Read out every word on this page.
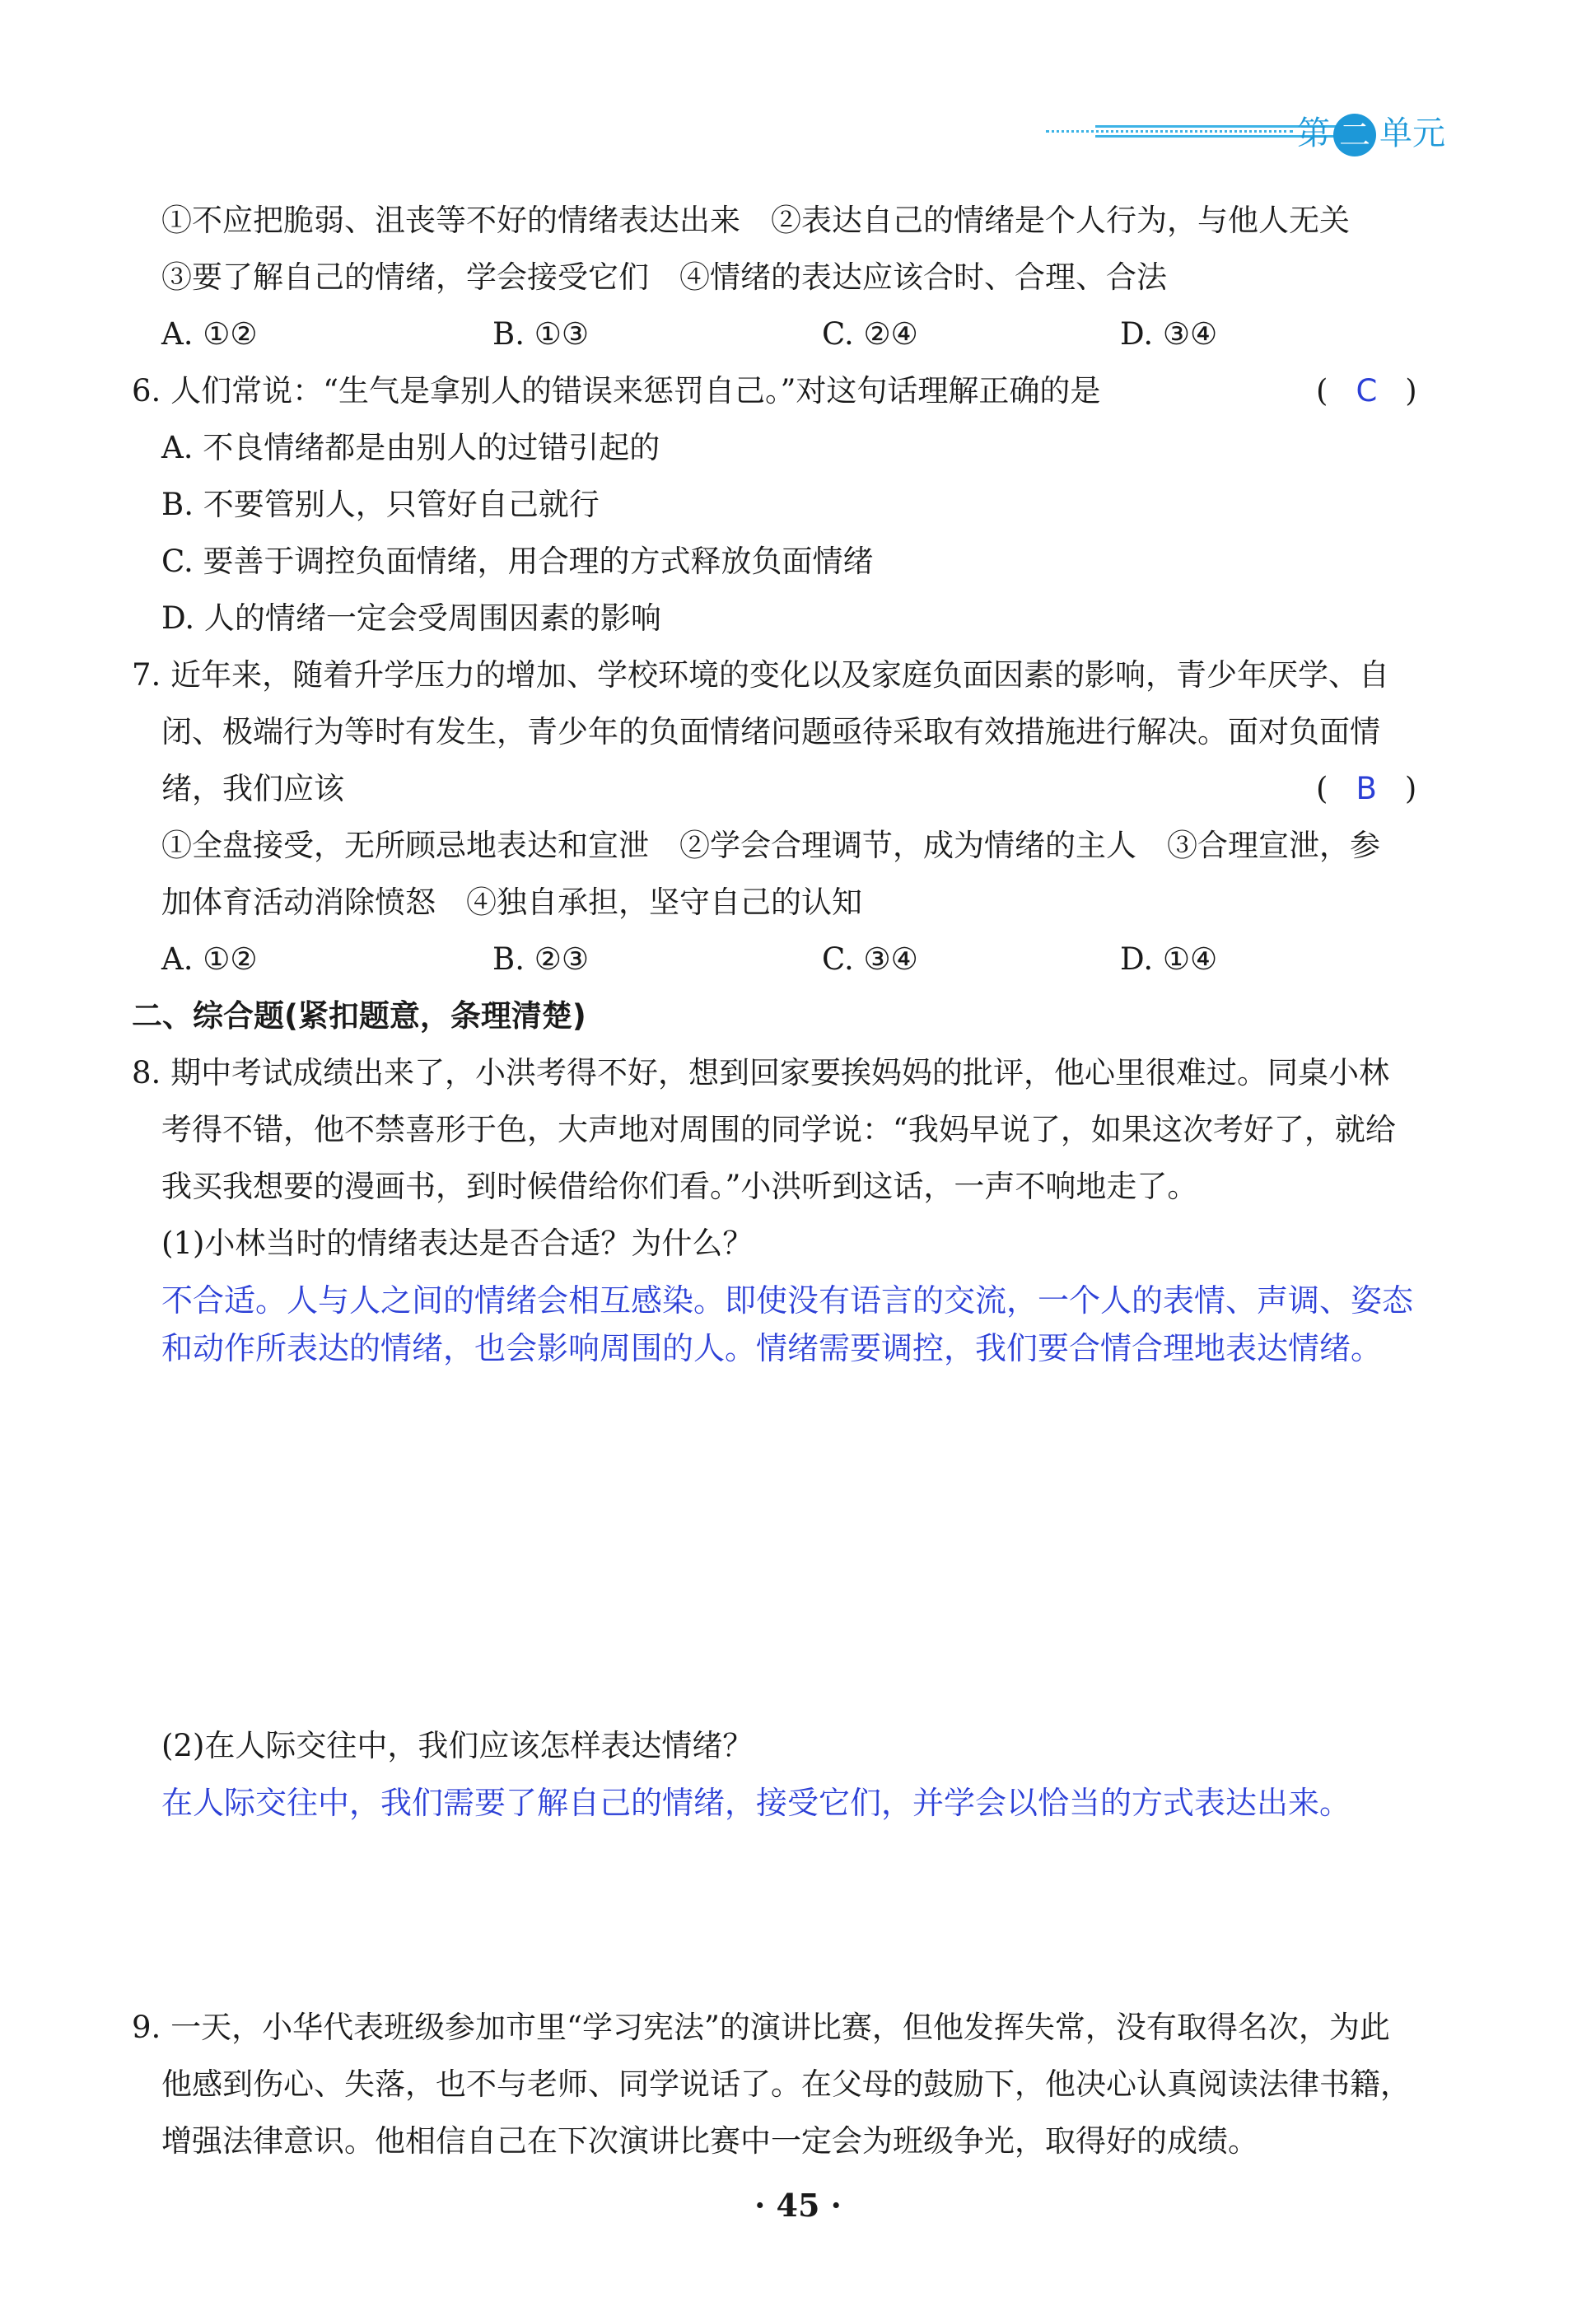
第 二 单元
①不应把脆弱、沮丧等不好的情绪表达出来　②表达自己的情绪是个人行为，与他人无关
③要了解自己的情绪，学会接受它们　④情绪的表达应该合时、合理、合法
A. ①②	B. ①③	C. ②④	D. ③④
6. 人们常说：“生气是拿别人的错误来惩罚自己。”对这句话理解正确的是	( C )
A. 不良情绪都是由别人的过错引起的
B. 不要管别人，只管好自己就行
C. 要善于调控负面情绪，用合理的方式释放负面情绪
D. 人的情绪一定会受周围因素的影响
7. 近年来，随着升学压力的增加、学校环境的变化以及家庭负面因素的影响，青少年厌学、自
闭、极端行为等时有发生，青少年的负面情绪问题亟待采取有效措施进行解决。面对负面情
绪，我们应该	( B )
①全盘接受，无所顾忌地表达和宣泄　②学会合理调节，成为情绪的主人　③合理宣泄，参
加体育活动消除愤怒　④独自承担，坚守自己的认知
A. ①②	B. ②③	C. ③④	D. ①④
二、综合题(紧扣题意，条理清楚)
8. 期中考试成绩出来了，小洪考得不好，想到回家要挨妈妈的批评，他心里很难过。同桌小林
考得不错，他不禁喜形于色，大声地对周围的同学说：“我妈早说了，如果这次考好了，就给
我买我想要的漫画书，到时候借给你们看。”小洪听到这话，一声不响地走了。
(1)小林当时的情绪表达是否合适？为什么？
不合适。人与人之间的情绪会相互感染。即使没有语言的交流，一个人的表情、声调、姿态
和动作所表达的情绪，也会影响周围的人。情绪需要调控，我们要合情合理地表达情绪。
(2)在人际交往中，我们应该怎样表达情绪？
在人际交往中，我们需要了解自己的情绪，接受它们，并学会以恰当的方式表达出来。
9. 一天，小华代表班级参加市里“学习宪法”的演讲比赛，但他发挥失常，没有取得名次，为此
他感到伤心、失落，也不与老师、同学说话了。在父母的鼓励下，他决心认真阅读法律书籍，
增强法律意识。他相信自己在下次演讲比赛中一定会为班级争光，取得好的成绩。
· 45 ·
